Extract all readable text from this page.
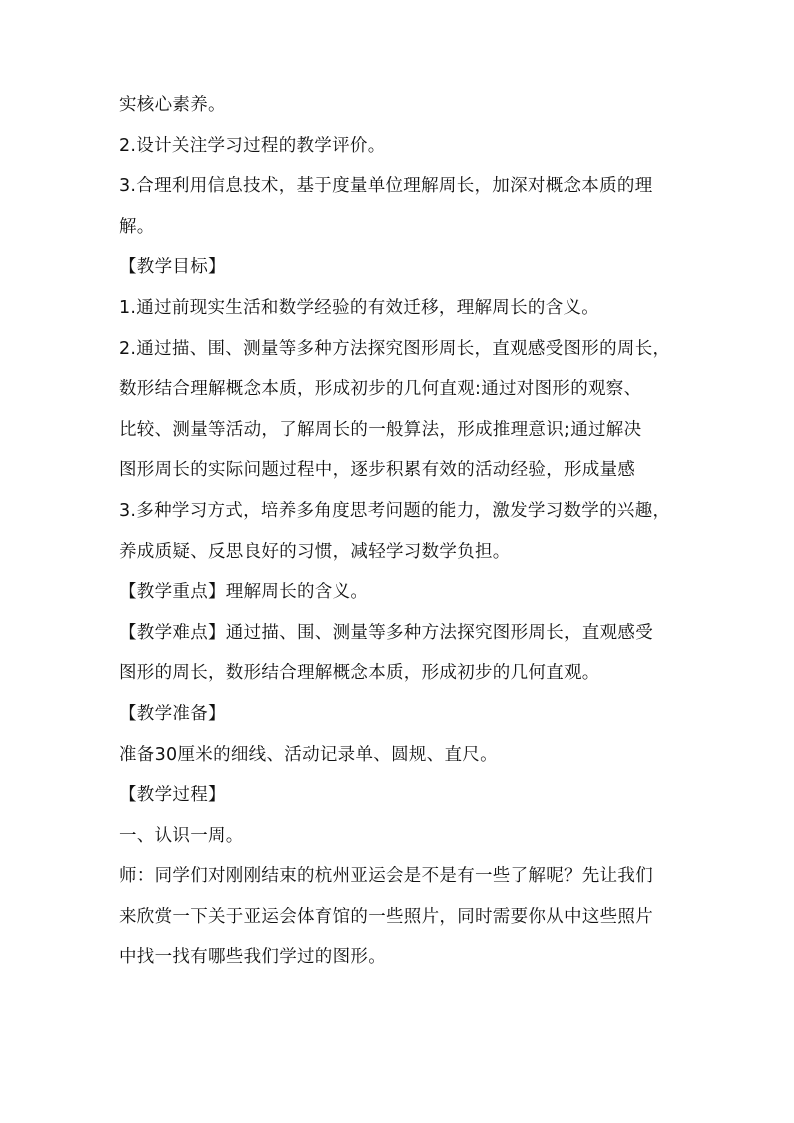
实核心素养。

2.设计关注学习过程的教学评价。

3.合理利用信息技术，基于度量单位理解周长，加深对概念本质的理

解。

【教学目标】

1.通过前现实生活和数学经验的有效迁移，理解周长的含义。

2.通过描、围、测量等多种方法探究图形周长，直观感受图形的周长，

数形结合理解概念本质，形成初步的几何直观:通过对图形的观察、

比较、测量等活动，了解周长的一般算法，形成推理意识;通过解决

图形周长的实际问题过程中，逐步积累有效的活动经验，形成量感

3.多种学习方式，培养多角度思考问题的能力，激发学习数学的兴趣，

养成质疑、反思良好的习惯，减轻学习数学负担。

【教学重点】理解周长的含义。

【教学难点】通过描、围、测量等多种方法探究图形周长，直观感受

图形的周长，数形结合理解概念本质，形成初步的几何直观。

【教学准备】

准备30厘米的细线、活动记录单、圆规、直尺。

【教学过程】

一、认识一周。

师：同学们对刚刚结束的杭州亚运会是不是有一些了解呢？先让我们

来欣赏一下关于亚运会体育馆的一些照片，同时需要你从中这些照片

中找一找有哪些我们学过的图形。
